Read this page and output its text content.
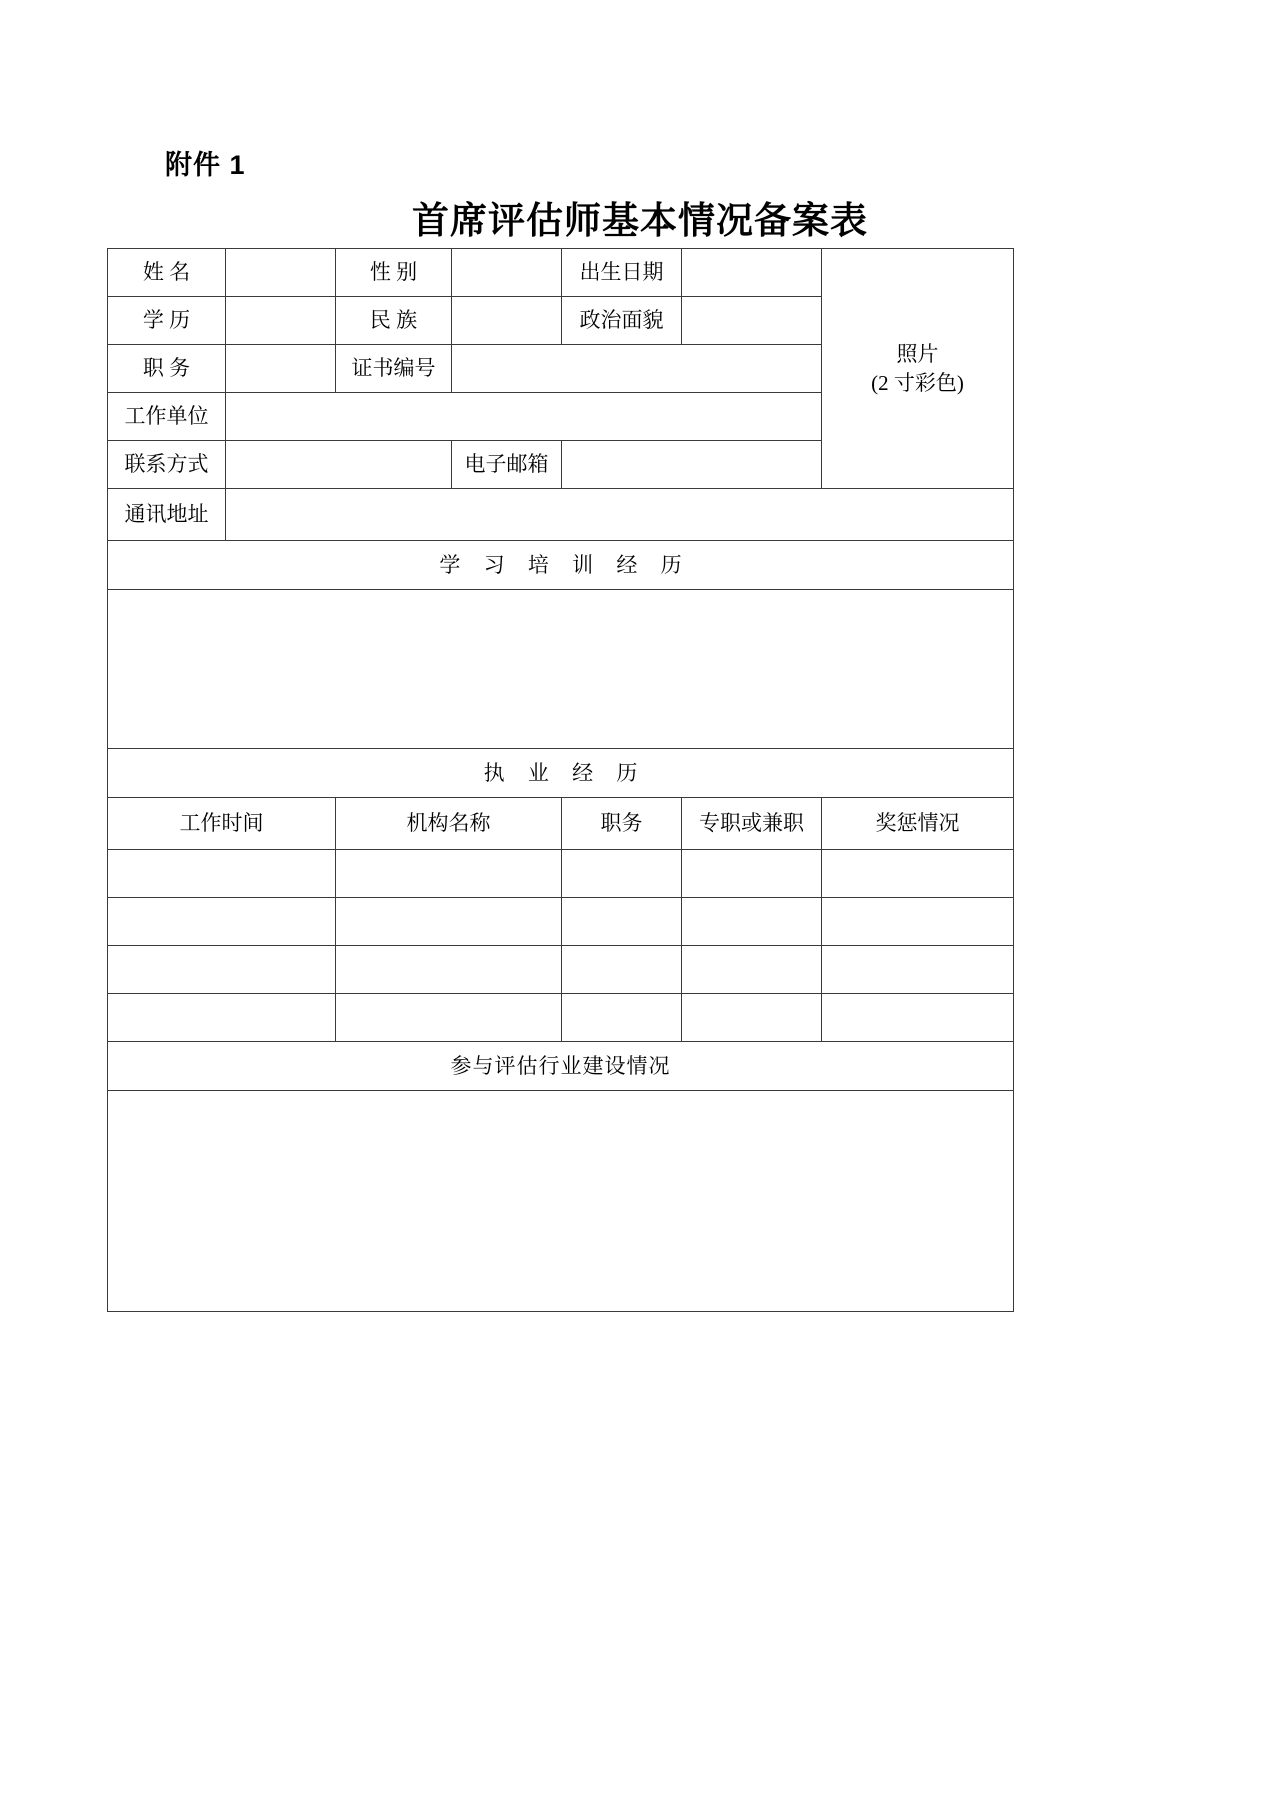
附件 1
首席评估师基本情况备案表
姓 名		性 别		出生日期		照片
(2 寸彩色)

学 历		民 族		政治面貌		
职 务		证书编号				
工作单位						
联系方式			电子邮箱			
通讯地址						
学 习 培 训 经 历						

执 业 经 历						
工作时间		机构名称		职务	专职或兼职	奖惩情况

参与评估行业建设情况						
